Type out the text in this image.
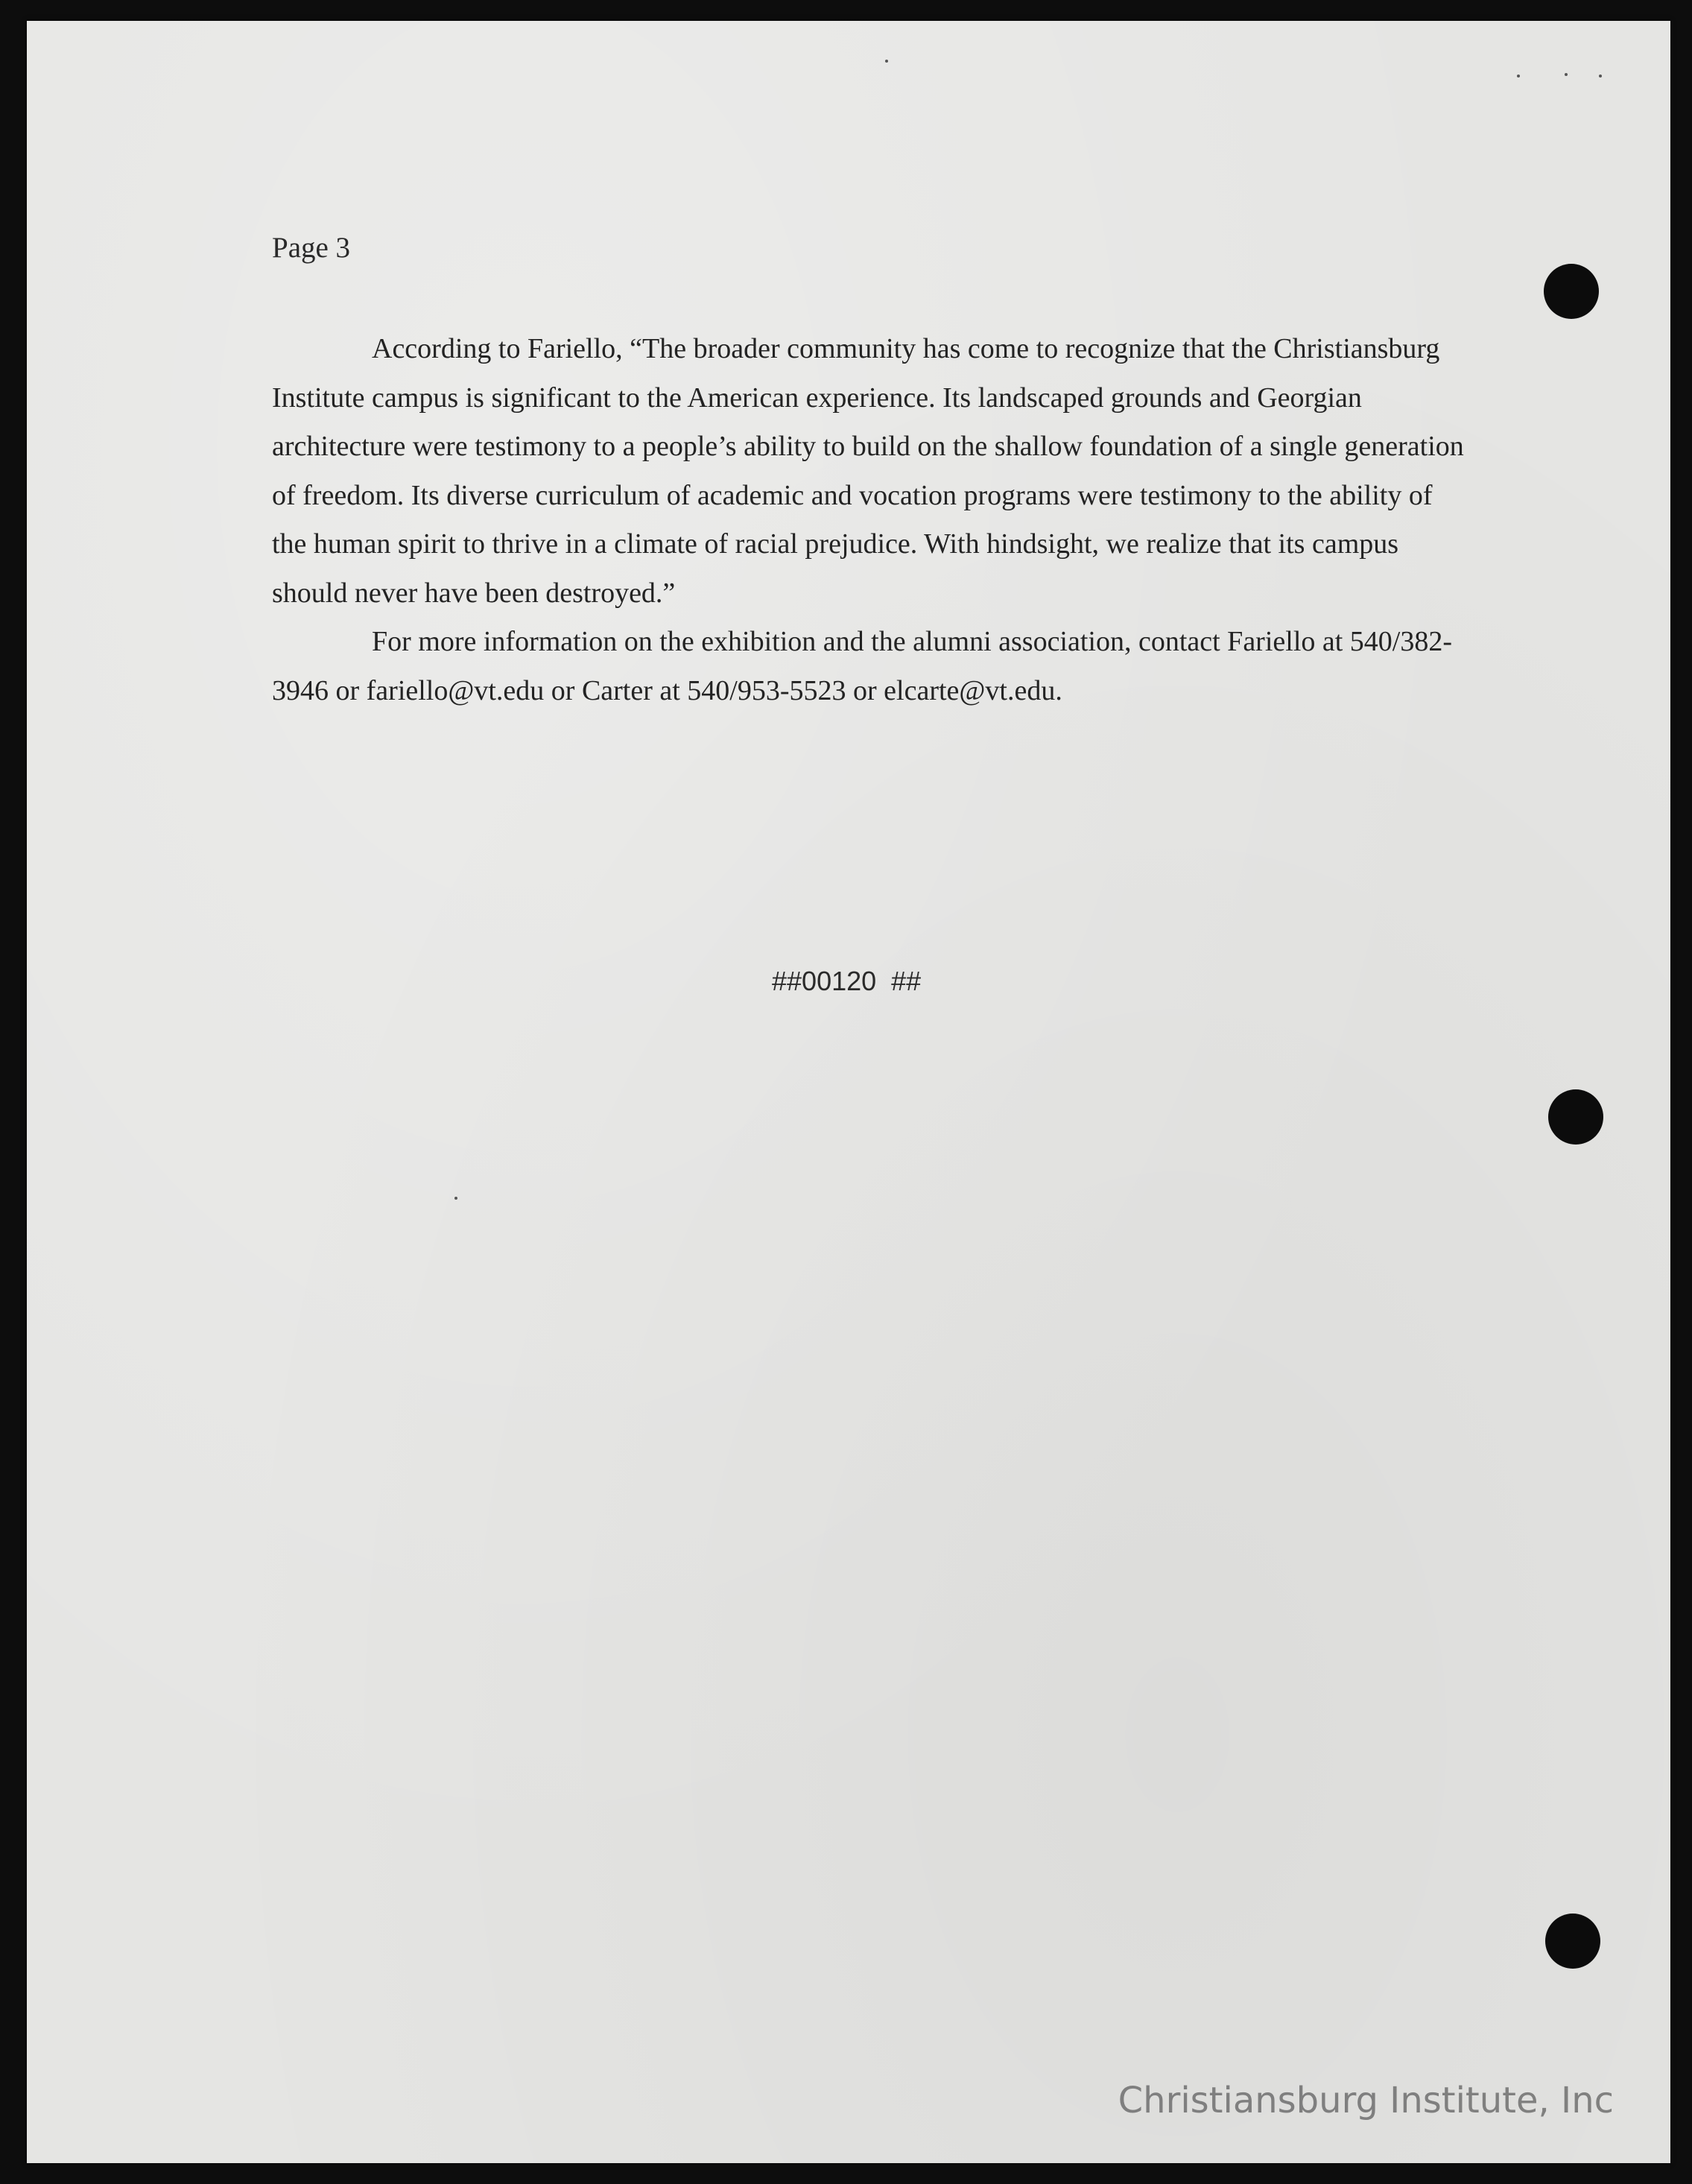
Page 3

According to Fariello, “The broader community has come to recognize that the Christiansburg Institute campus is significant to the American experience. Its landscaped grounds and Georgian architecture were testimony to a people’s ability to build on the shallow foundation of a single generation of freedom. Its diverse curriculum of academic and vocation programs were testimony to the ability of the human spirit to thrive in a climate of racial prejudice. With hindsight, we realize that its campus should never have been destroyed.”

For more information on the exhibition and the alumni association, contact Fariello at 540/382-3946 or fariello@vt.edu or Carter at 540/953-5523 or elcarte@vt.edu.

##00120  ##
Christiansburg Institute, Inc
